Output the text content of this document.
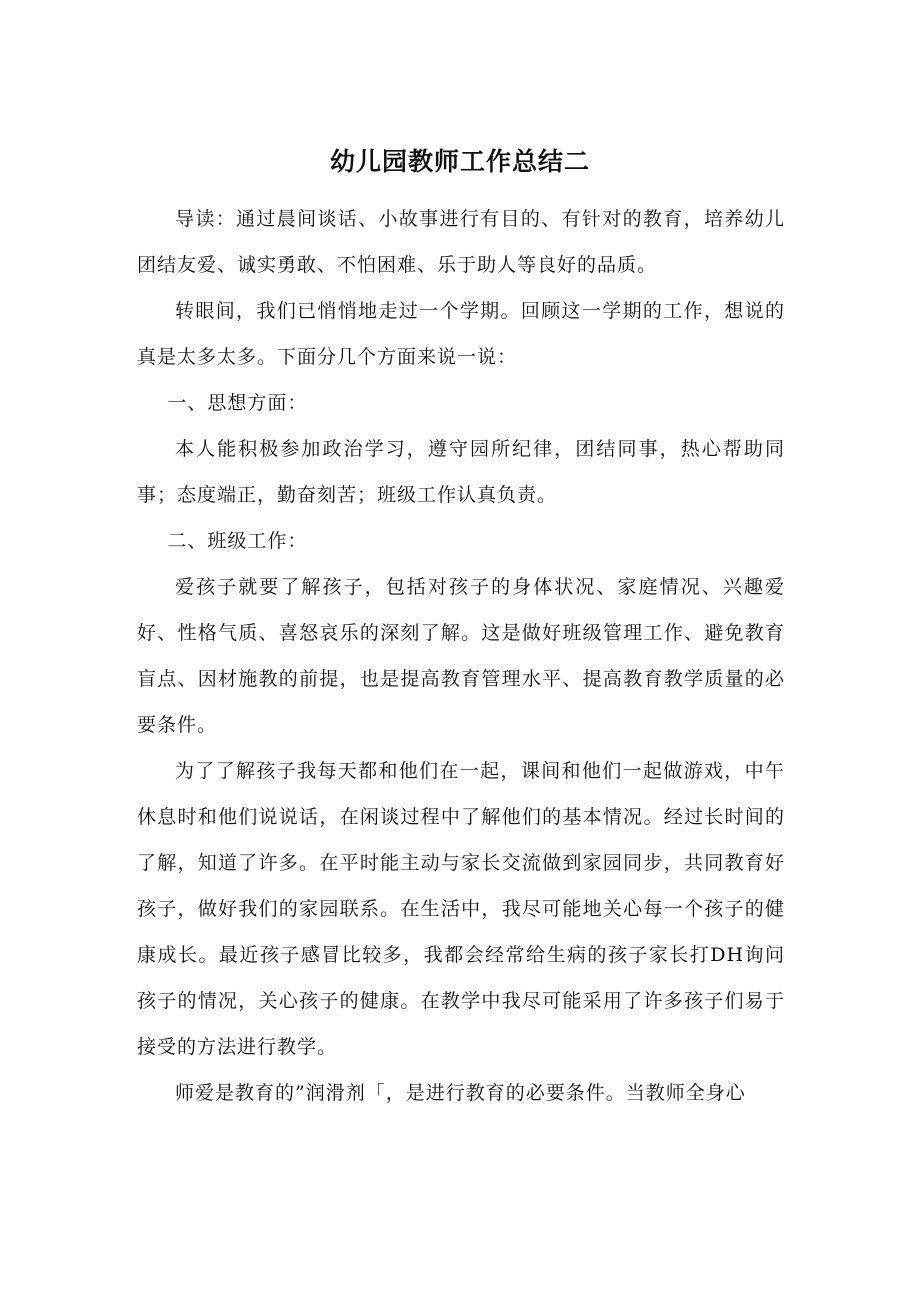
幼儿园教师工作总结二

导读：通过晨间谈话、小故事进行有目的、有针对的教育，培养幼儿团结友爱、诚实勇敢、不怕困难、乐于助人等良好的品质。

转眼间，我们已悄悄地走过一个学期。回顾这一学期的工作，想说的真是太多太多。下面分几个方面来说一说：

一、思想方面：

本人能积极参加政治学习，遵守园所纪律，团结同事，热心帮助同事；态度端正，勤奋刻苦；班级工作认真负责。

二、班级工作：

爱孩子就要了解孩子，包括对孩子的身体状况、家庭情况、兴趣爱好、性格气质、喜怒哀乐的深刻了解。这是做好班级管理工作、避免教育盲点、因材施教的前提，也是提高教育管理水平、提高教育教学质量的必要条件。

为了了解孩子我每天都和他们在一起，课间和他们一起做游戏，中午休息时和他们说说话，在闲谈过程中了解他们的基本情况。经过长时间的了解，知道了许多。在平时能主动与家长交流做到家园同步，共同教育好孩子，做好我们的家园联系。在生活中，我尽可能地关心每一个孩子的健康成长。最近孩子感冒比较多，我都会经常给生病的孩子家长打DH询问孩子的情况，关心孩子的健康。在教学中我尽可能采用了许多孩子们易于接受的方法进行教学。

师爱是教育的”润滑剂「，是进行教育的必要条件。当教师全身心
